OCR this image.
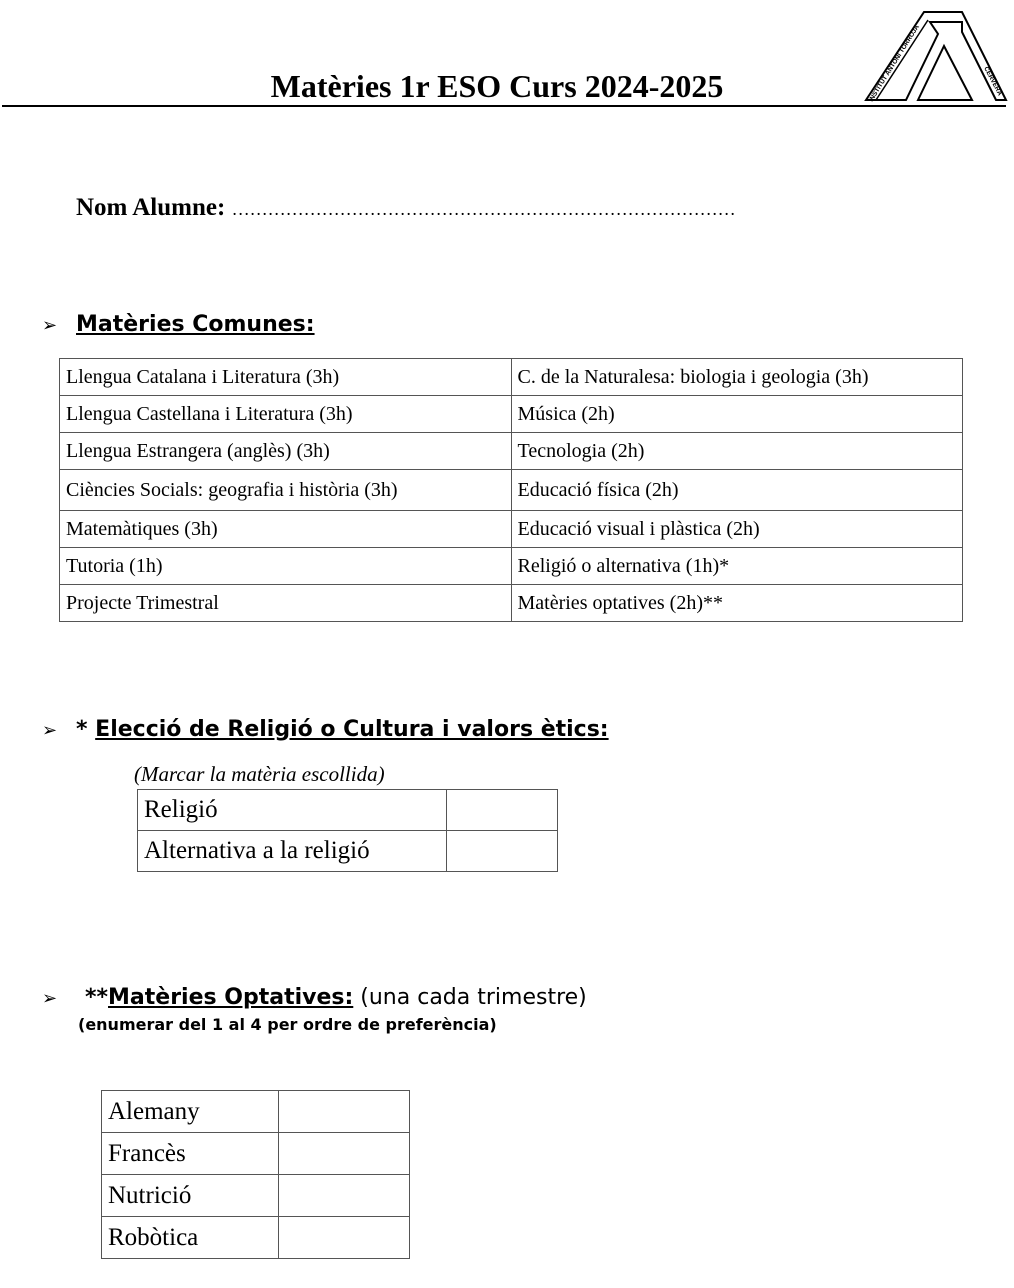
Matèries 1r ESO Curs 2024-2025	INSTITUT ANTONI TORROJA	CERVERA
Nom Alumne: …………………………………………………………………………
➢ Matèries Comunes:
Llengua Catalana i Literatura (3h)	C. de la Naturalesa: biologia i geologia (3h)
Llengua Castellana i Literatura (3h)	Música (2h)
Llengua Estrangera (anglès) (3h)	Tecnologia (2h)
Ciències Socials: geografia i història (3h)	Educació física (2h)
Matemàtiques (3h)	Educació visual i plàstica (2h)
Tutoria (1h)	Religió o alternativa (1h)*
Projecte Trimestral	Matèries optatives (2h)**
➢ * Elecció de Religió o Cultura i valors ètics:
(Marcar la matèria escollida)
Religió	
Alternativa a la religió	
➢ **Matèries Optatives: (una cada trimestre)
(enumerar del 1 al 4 per ordre de preferència)
Alemany	
Francès	
Nutrició	
Robòtica	
